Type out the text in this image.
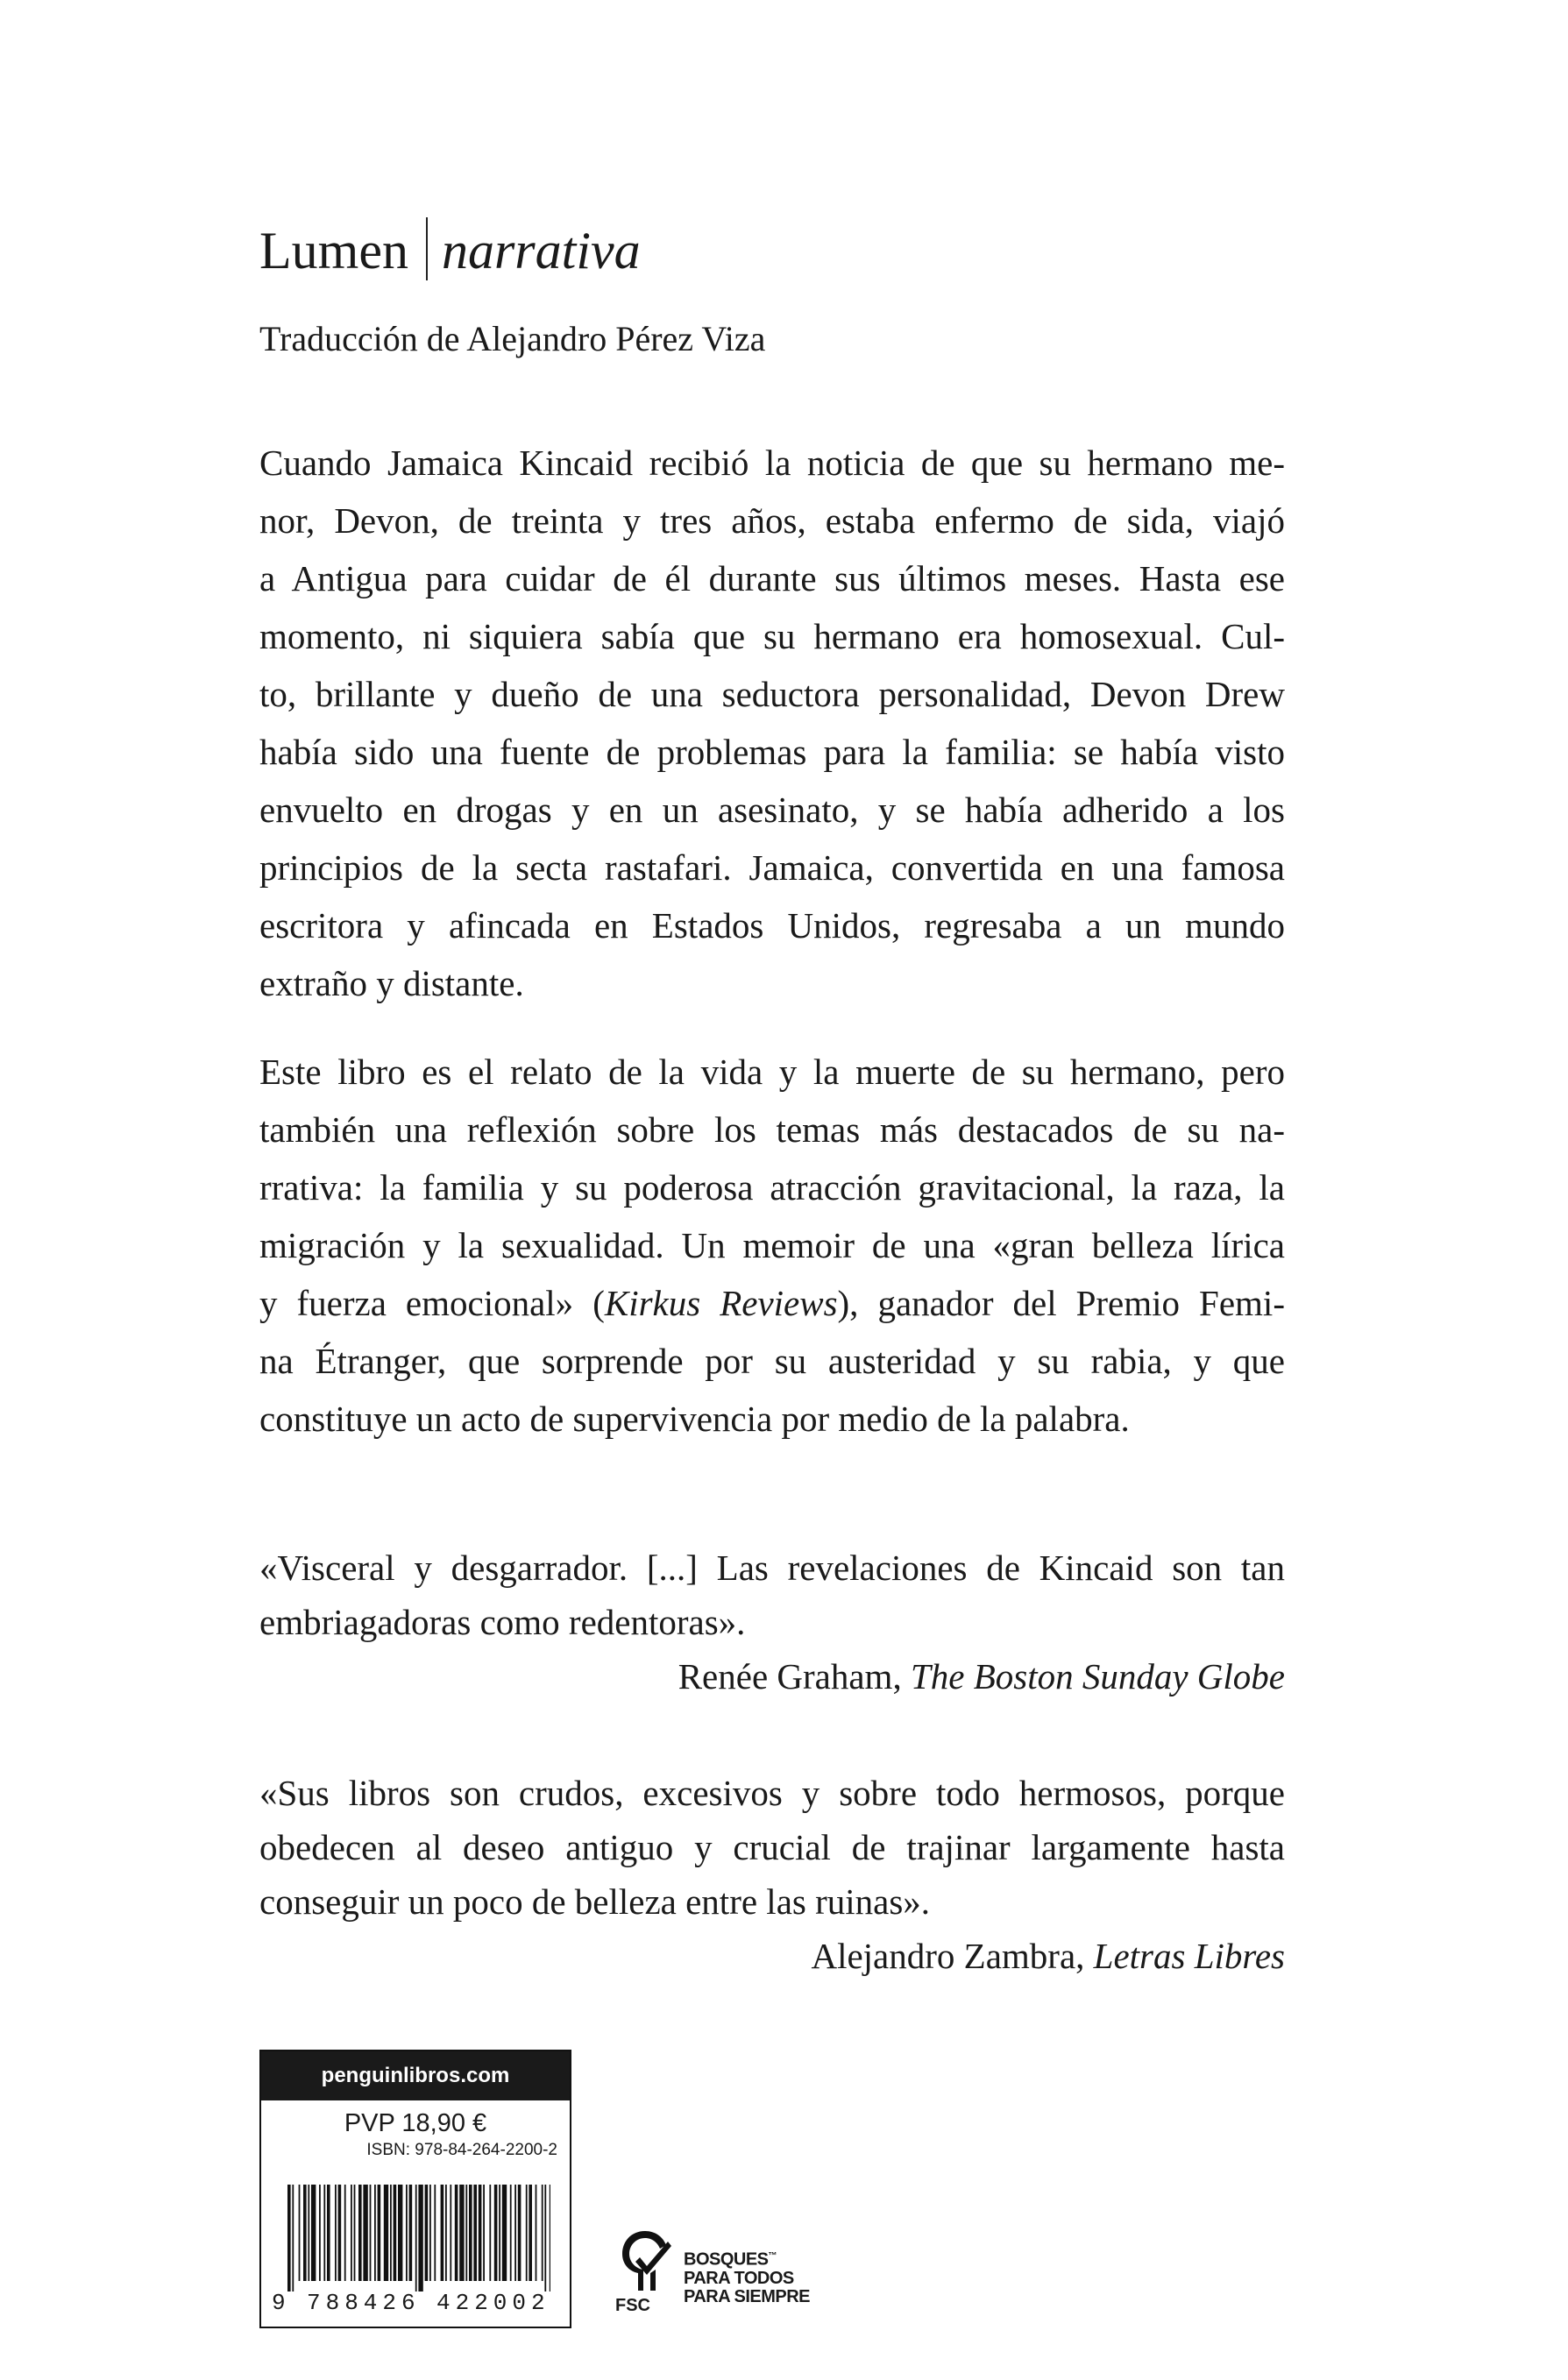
Lumen narrativa
Traducción de Alejandro Pérez Viza
Cuando Jamaica Kincaid recibió la noticia de que su hermano me-
nor, Devon, de treinta y tres años, estaba enfermo de sida, viajó
a Antigua para cuidar de él durante sus últimos meses. Hasta ese
momento, ni siquiera sabía que su hermano era homosexual. Cul-
to, brillante y dueño de una seductora personalidad, Devon Drew
había sido una fuente de problemas para la familia: se había visto
envuelto en drogas y en un asesinato, y se había adherido a los
principios de la secta rastafari. Jamaica, convertida en una famosa
escritora y afincada en Estados Unidos, regresaba a un mundo
extraño y distante.
Este libro es el relato de la vida y la muerte de su hermano, pero
también una reflexión sobre los temas más destacados de su na-
rrativa: la familia y su poderosa atracción gravitacional, la raza, la
migración y la sexualidad. Un memoir de una «gran belleza lírica
y fuerza emocional» (Kirkus Reviews), ganador del Premio Femi-
na Étranger, que sorprende por su austeridad y su rabia, y que
constituye un acto de supervivencia por medio de la palabra.
«Visceral y desgarrador. [...] Las revelaciones de Kincaid son tan
embriagadoras como redentoras».
Renée Graham, The Boston Sunday Globe
«Sus libros son crudos, excesivos y sobre todo hermosos, porque
obedecen al deseo antiguo y crucial de trajinar largamente hasta
conseguir un poco de belleza entre las ruinas».
Alejandro Zambra, Letras Libres
penguinlibros.com
PVP 18,90 €
ISBN: 978-84-264-2200-2
9 788426 422002	FSC
BOSQUES™
PARA TODOS
PARA SIEMPRE
